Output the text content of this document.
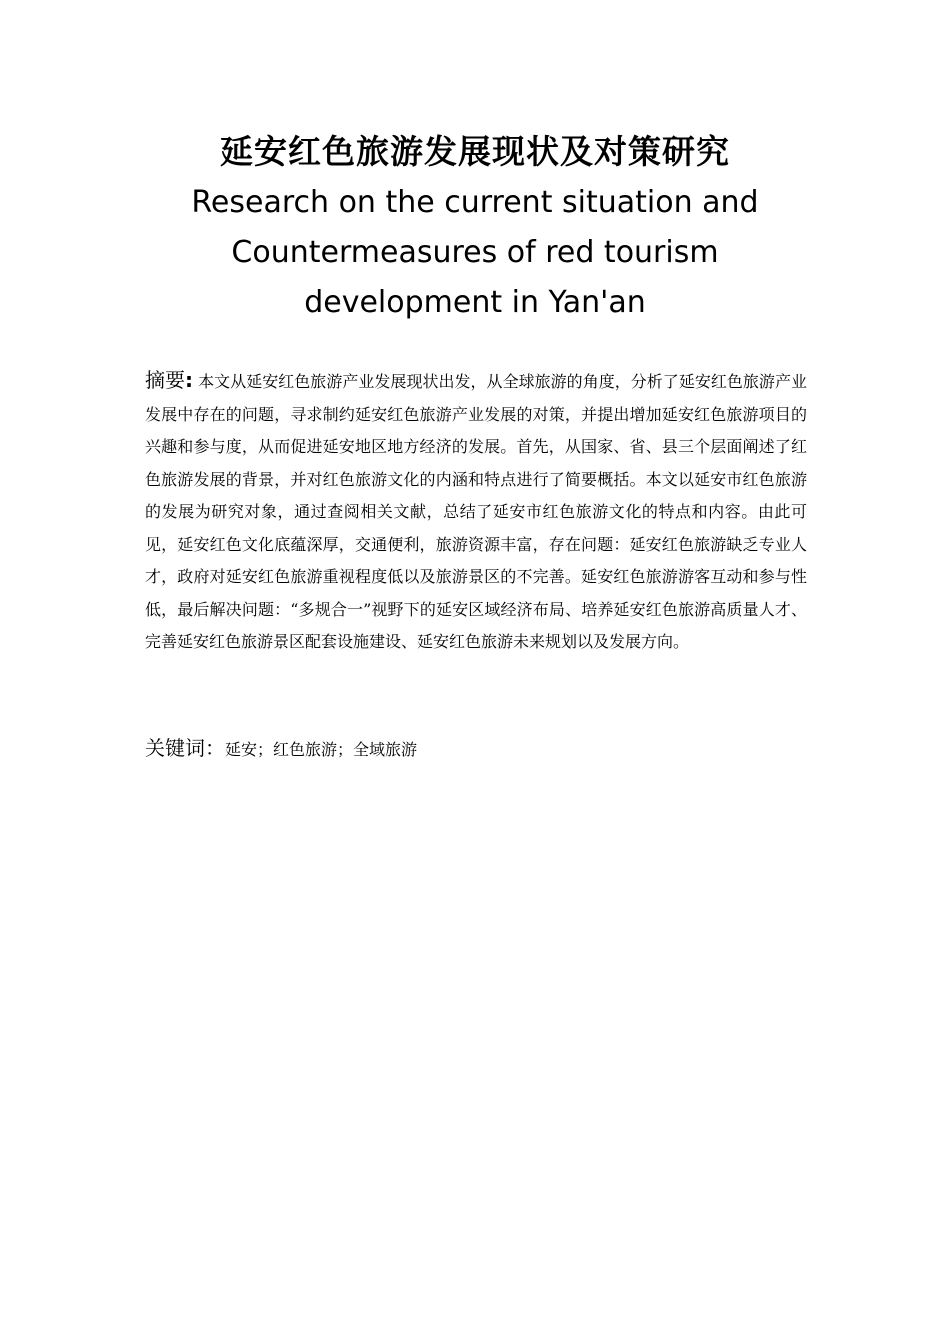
延安红色旅游发展现状及对策研究

Research on the current situation and Countermeasures of red tourism development in Yan'an

摘要: 本文从延安红色旅游产业发展现状出发，从全球旅游的角度，分析了延安红色旅游产业发展中存在的问题，寻求制约延安红色旅游产业发展的对策，并提出增加延安红色旅游项目的兴趣和参与度，从而促进延安地区地方经济的发展。首先，从国家、省、县三个层面阐述了红色旅游发展的背景，并对红色旅游文化的内涵和特点进行了简要概括。本文以延安市红色旅游的发展为研究对象，通过查阅相关文献，总结了延安市红色旅游文化的特点和内容。由此可见，延安红色文化底蕴深厚，交通便利，旅游资源丰富，存在问题：延安红色旅游缺乏专业人才，政府对延安红色旅游重视程度低以及旅游景区的不完善。延安红色旅游游客互动和参与性低，最后解决问题：“多规合一”视野下的延安区域经济布局、培养延安红色旅游高质量人才、完善延安红色旅游景区配套设施建设、延安红色旅游未来规划以及发展方向。

关键词：延安；红色旅游；全域旅游
